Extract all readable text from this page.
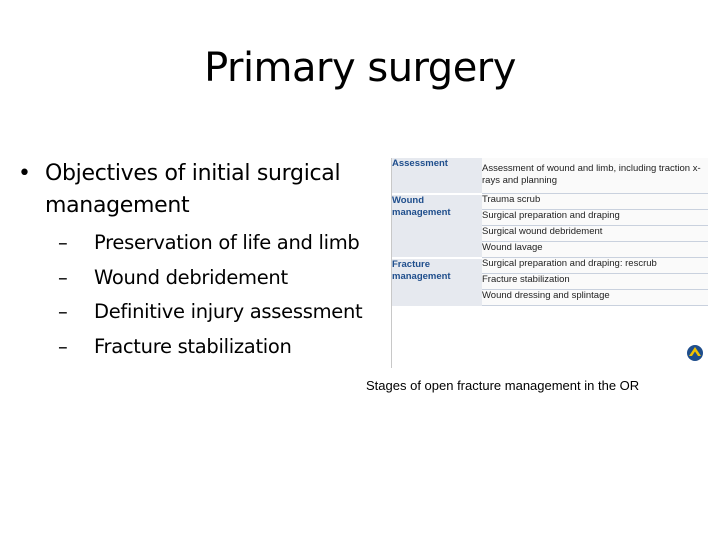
Primary surgery
• Objectives of initial surgical management
– Preservation of life and limb
– Wound debridement
– Definitive injury assessment
– Fracture stabilization
Assessment	Assessment of wound and limb, including traction x-rays and planning
Wound management	Trauma scrub
	Surgical preparation and draping
	Surgical wound debridement
	Wound lavage
Fracture management	Surgical preparation and draping: rescrub
	Fracture stabilization
	Wound dressing and splintage
Stages of open fracture management in the OR
